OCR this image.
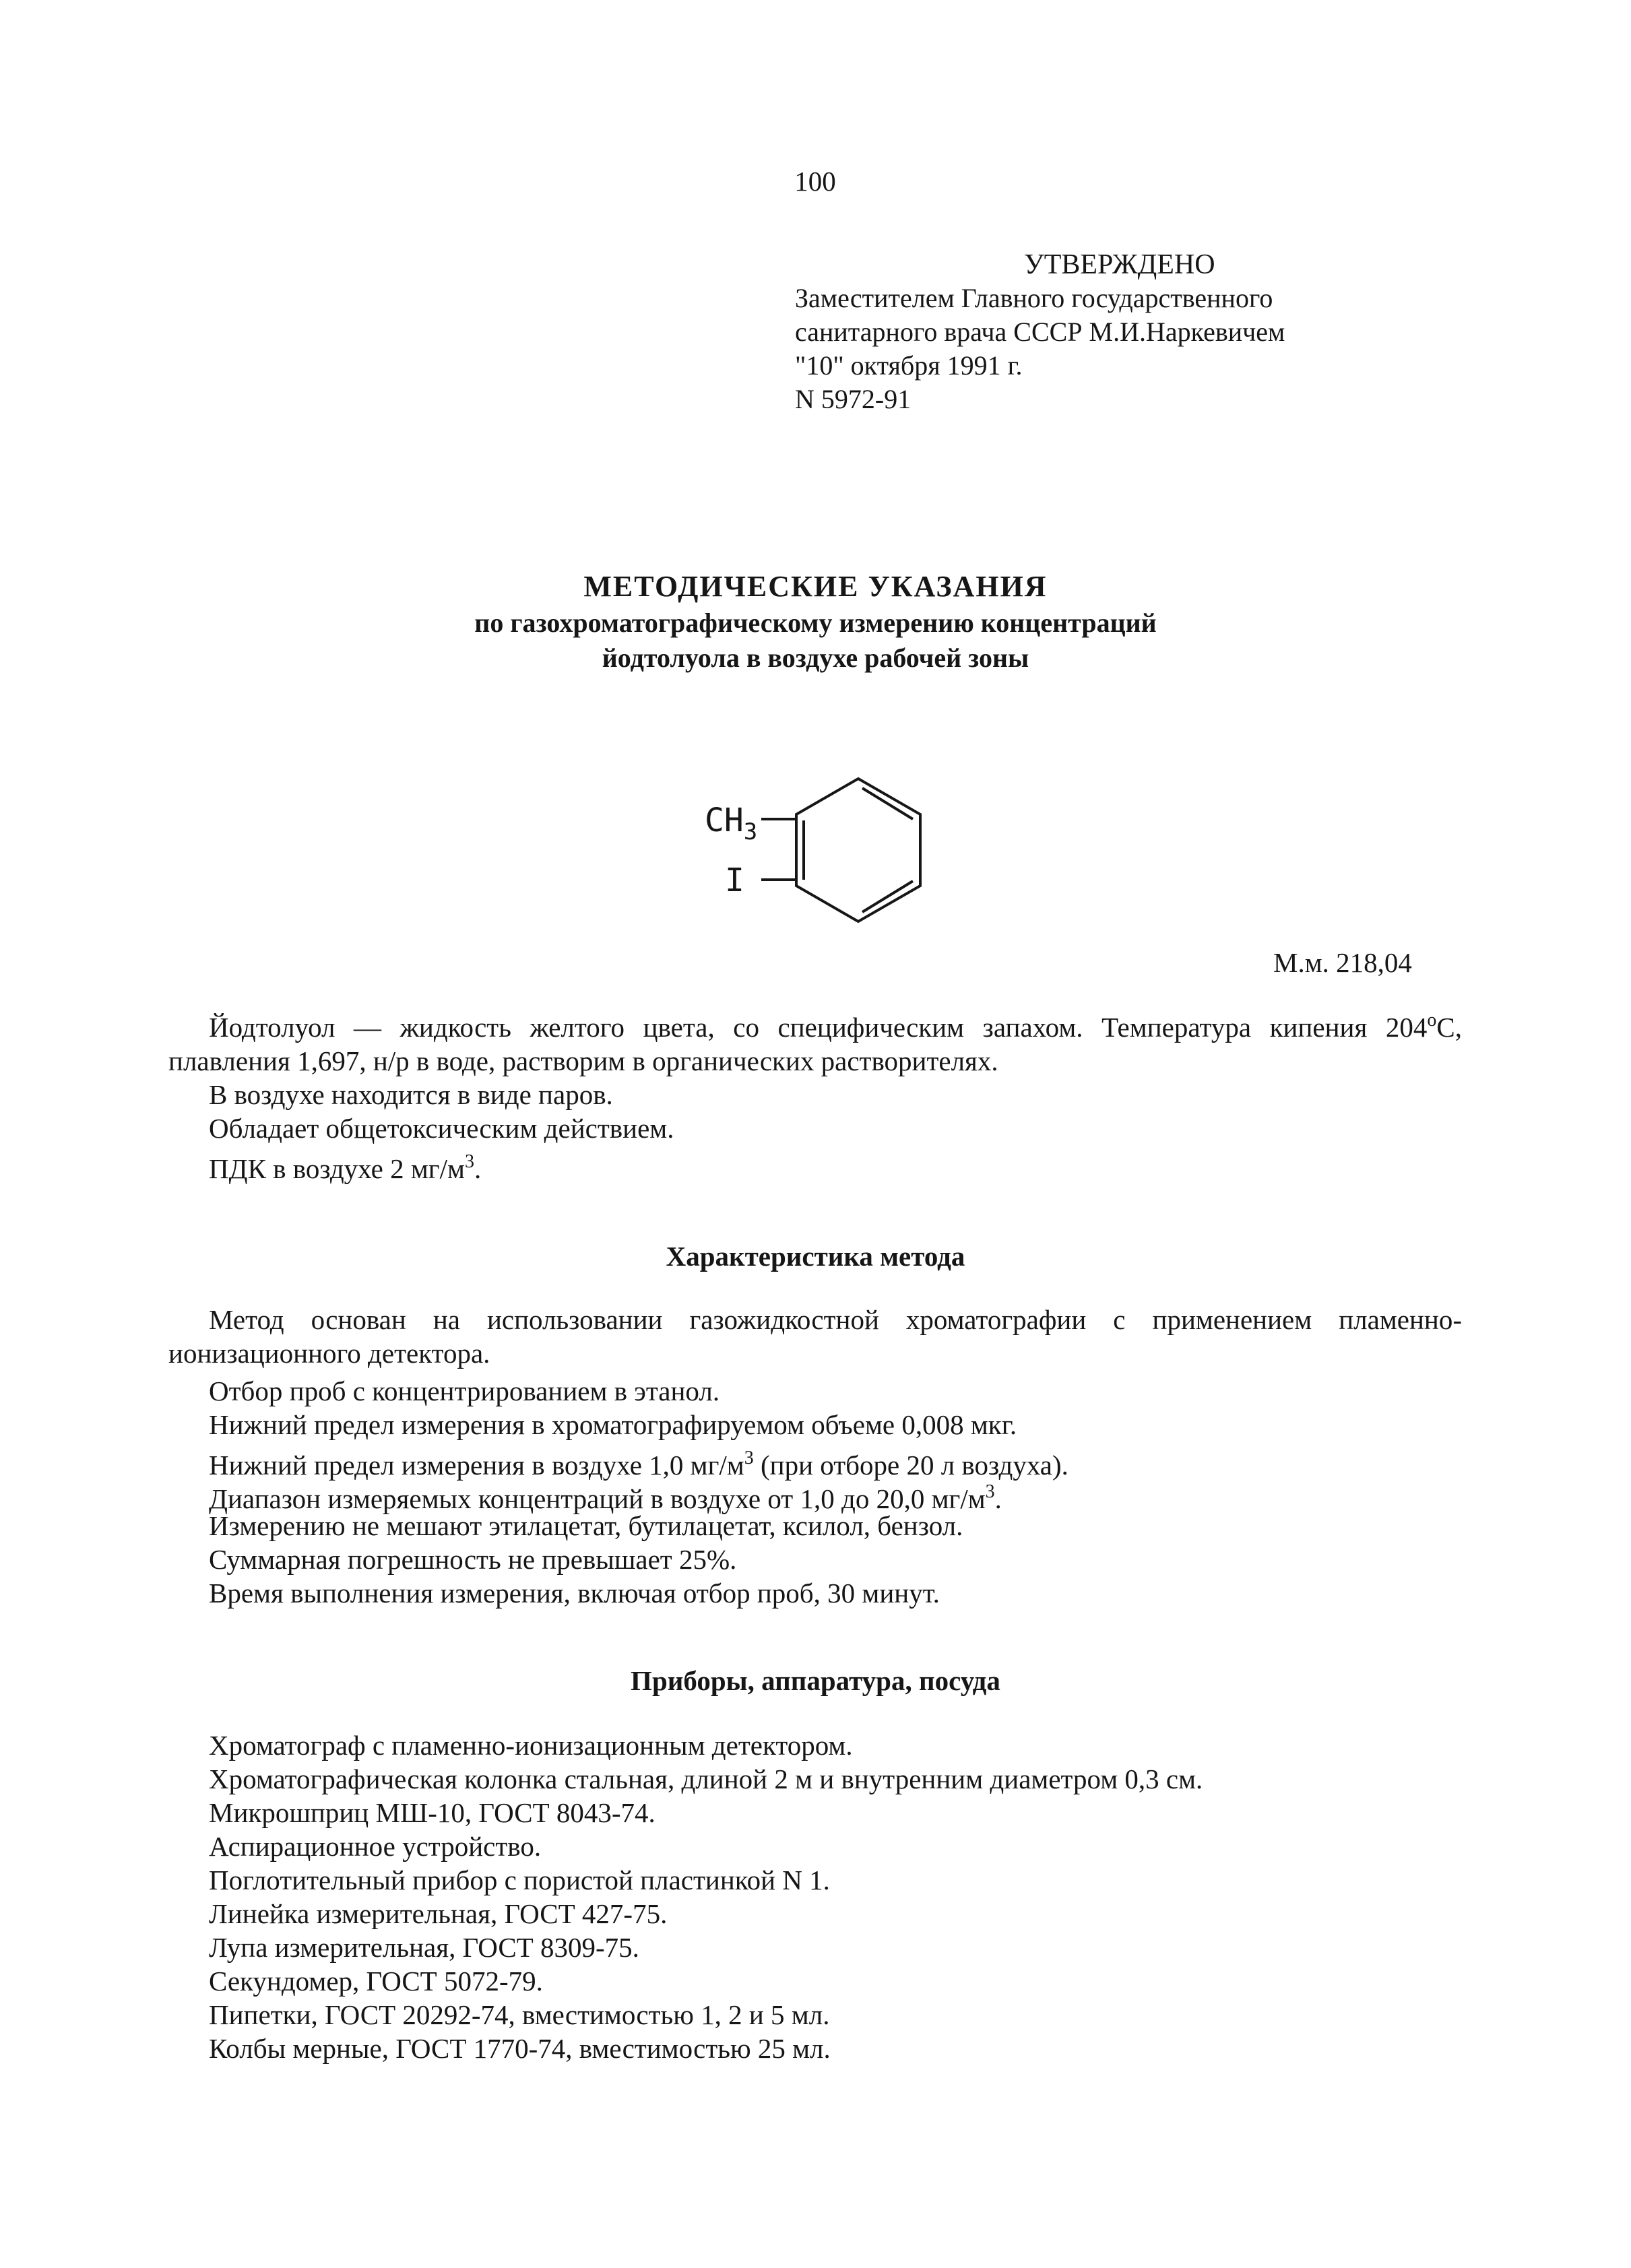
100
УТВЕРЖДЕНО
Заместителем Главного государственного
санитарного врача СССР М.И.Наркевичем
"10" октября 1991 г.
N 5972-91
МЕТОДИЧЕСКИЕ УКАЗАНИЯ
по газохроматографическому измерению концентраций
йодтолуола в воздухе рабочей зоны
$CH_3$
I
М.м. 218,04
Йодтолуол — жидкость желтого цвета, со специфическим запахом. Температура кипения $204^оС$, плавления 1,697, н/р в воде, растворим в органических растворителях.
В воздухе находится в виде паров.
Обладает общетоксическим действием.
ПДК в воздухе 2 $мг/м^3$.
Характеристика метода
Метод основан на использовании газожидкостной хроматографии с применением пламенно-ионизационного детектора.
Отбор проб с концентрированием в этанол.
Нижний предел измерения в хроматографируемом объеме 0,008 мкг.
Нижний предел измерения в воздухе 1,0 $мг/м^3$ (при отборе 20 л воздуха).
Диапазон измеряемых концентраций в воздухе от 1,0 до 20,0 $мг/м^3$.
Измерению не мешают этилацетат, бутилацетат, ксилол, бензол.
Суммарная погрешность не превышает 25%.
Время выполнения измерения, включая отбор проб, 30 минут.
Приборы, аппаратура, посуда
Хроматограф с пламенно-ионизационным детектором.
Хроматографическая колонка стальная, длиной 2 м и внутренним диаметром 0,3 см.
Микрошприц МШ-10, ГОСТ 8043-74.
Аспирационное устройство.
Поглотительный прибор с пористой пластинкой N 1.
Линейка измерительная, ГОСТ 427-75.
Лупа измерительная, ГОСТ 8309-75.
Секундомер, ГОСТ 5072-79.
Пипетки, ГОСТ 20292-74, вместимостью 1, 2 и 5 мл.
Колбы мерные, ГОСТ 1770-74, вместимостью 25 мл.
